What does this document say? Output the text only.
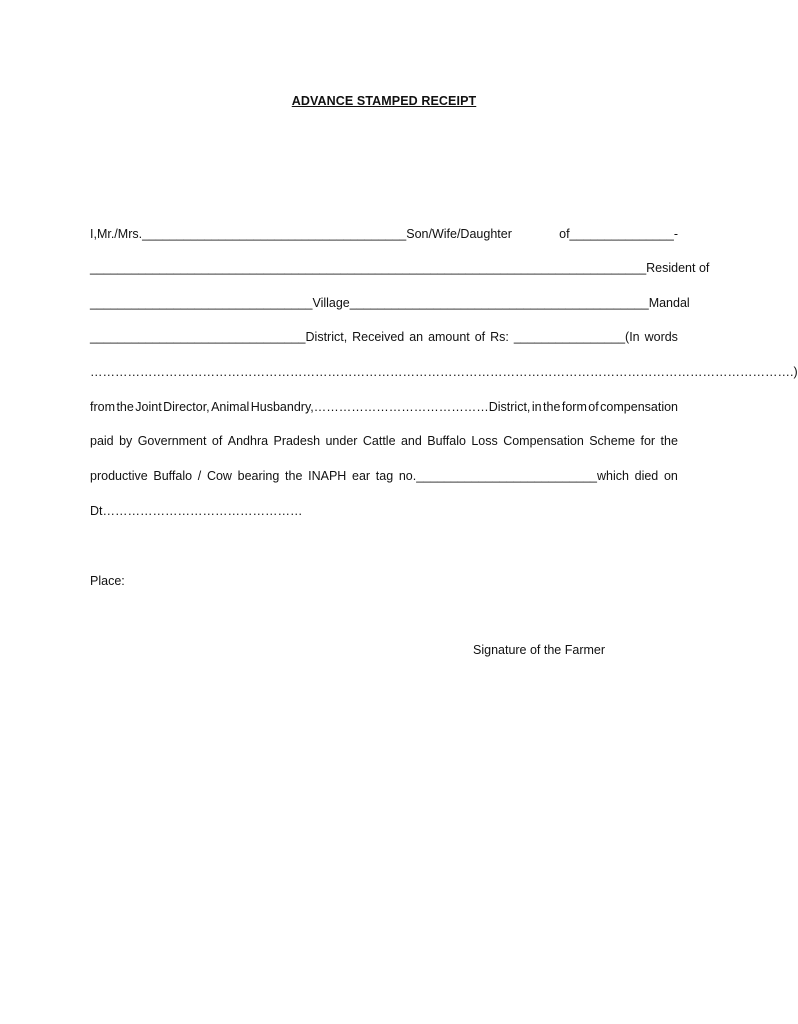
ADVANCE STAMPED RECEIPT
I,Mr./Mrs.______________________________________Son/Wife/Daughter	of_______________-
________________________________________________________________________________Resident of
________________________________Village___________________________________________Mandal
_______________________________District, Received an amount of Rs: ________________(In words
…………………………………………………………………………………………………………………………………………………….)
from the Joint Director, Animal Husbandry,……………………………………District, in the form of compensation
paid by Government of Andhra Pradesh under Cattle and Buffalo Loss Compensation Scheme for the
productive Buffalo / Cow bearing the INAPH ear tag no.__________________________which died on
Dt…………………………………………
Place:
Signature of the Farmer
